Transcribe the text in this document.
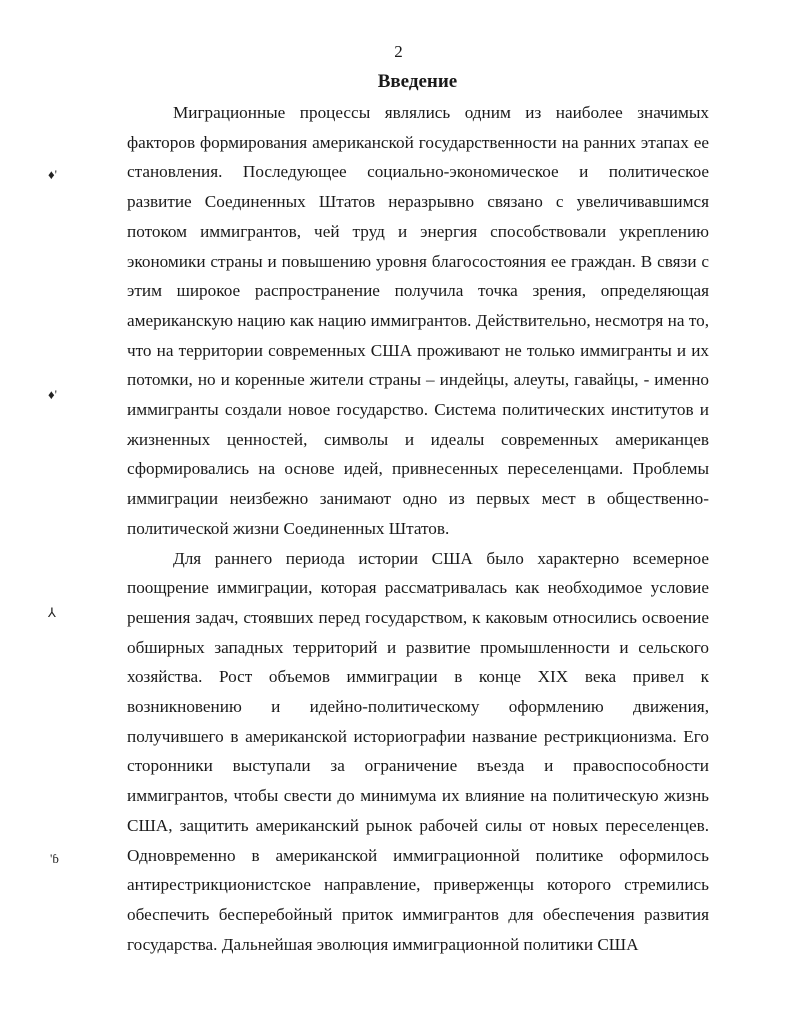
2
Введение

Миграционные процессы являлись одним из наиболее значимых факторов формирования американской государственности на ранних этапах ее становления. Последующее социально-экономическое и политическое развитие Соединенных Штатов неразрывно связано с увеличивавшимся потоком иммигрантов, чей труд и энергия способствовали укреплению экономики страны и повышению уровня благосостояния ее граждан. В связи с этим широкое распространение получила точка зрения, определяющая американскую нацию как нацию иммигрантов. Действительно, несмотря на то, что на территории современных США проживают не только иммигранты и их потомки, но и коренные жители страны – индейцы, алеуты, гавайцы, - именно иммигранты создали новое государство. Система политических институтов и жизненных ценностей, символы и идеалы современных американцев сформировались на основе идей, привнесенных переселенцами. Проблемы иммиграции неизбежно занимают одно из первых мест в общественно-политической жизни Соединенных Штатов.

Для раннего периода истории США было характерно всемерное поощрение иммиграции, которая рассматривалась как необходимое условие решения задач, стоявших перед государством, к каковым относились освоение обширных западных территорий и развитие промышленности и сельского хозяйства. Рост объемов иммиграции в конце XIX века привел к возникновению и идейно-политическому оформлению движения, получившего в американской историографии название рестрикционизма. Его сторонники выступали за ограничение въезда и правоспособности иммигрантов, чтобы свести до минимума их влияние на политическую жизнь США, защитить американский рынок рабочей силы от новых переселенцев. Одновременно в американской иммиграционной политике оформилось антирестрикционистское направление, приверженцы которого стремились обеспечить бесперебойный приток иммигрантов для обеспечения развития государства. Дальнейшая эволюция иммиграционной политики США

♦'
♦'
⅄
'ɓ
